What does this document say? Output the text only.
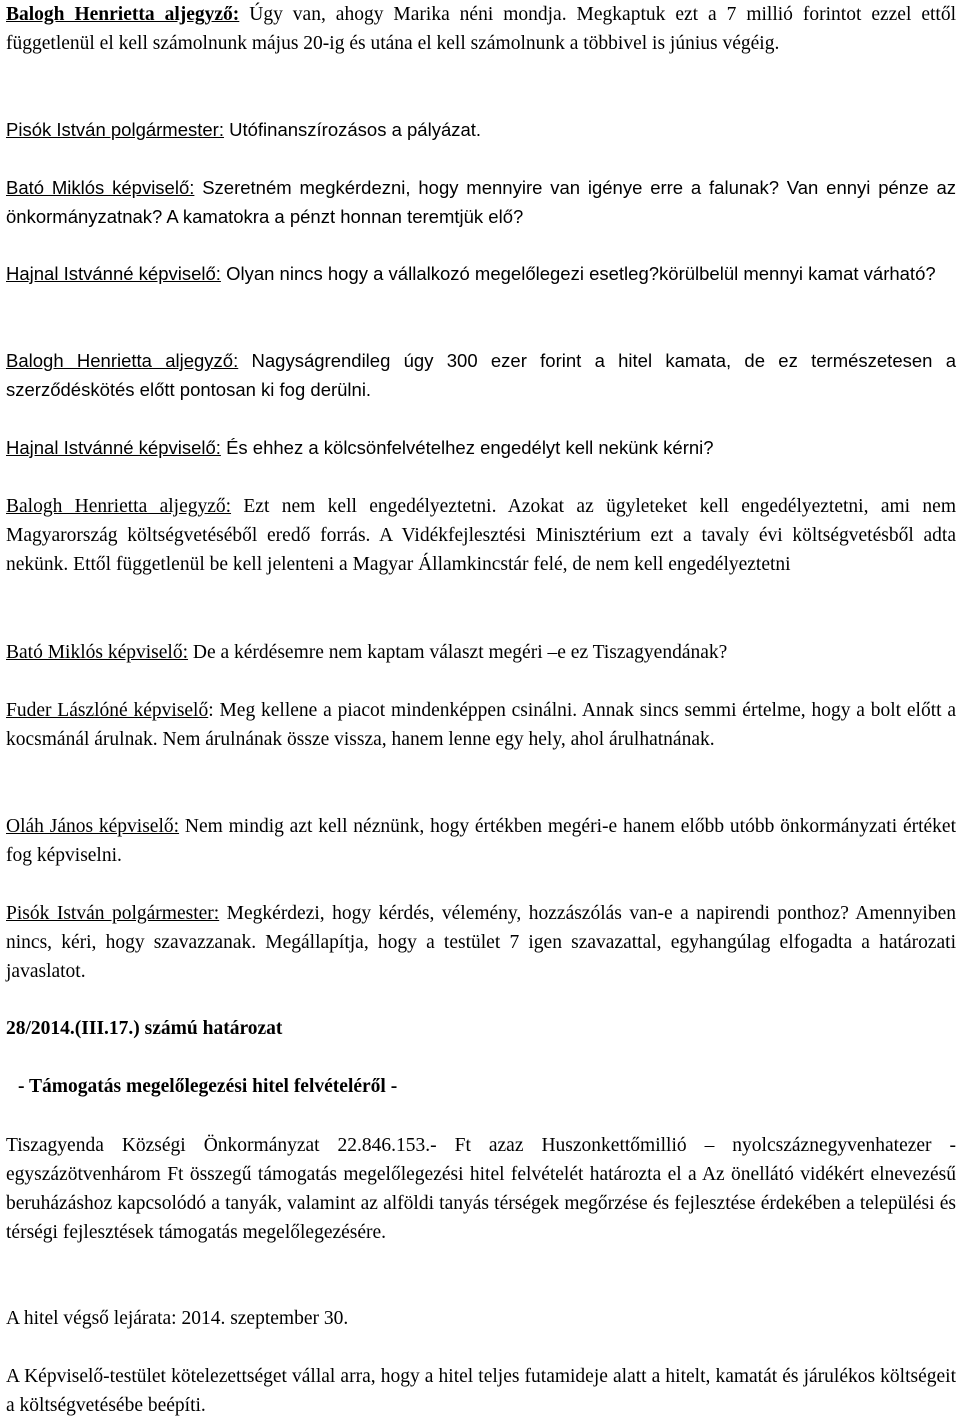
Balogh Henrietta aljegyző: Úgy van, ahogy Marika néni mondja. Megkaptuk ezt a 7 millió forintot ezzel ettől függetlenül el kell számolnunk május 20-ig és utána el kell számolnunk a többivel is június végéig.

Pisók István polgármester: Utófinanszírozásos a pályázat.

Bató Miklós képviselő: Szeretném megkérdezni, hogy mennyire van igénye erre a falunak? Van ennyi pénze az önkormányzatnak? A kamatokra a pénzt honnan teremtjük elő?

Hajnal Istvánné képviselő: Olyan nincs hogy a vállalkozó megelőlegezi esetleg?körülbelül mennyi kamat várható?

Balogh Henrietta aljegyző: Nagyságrendileg úgy 300 ezer forint a hitel kamata, de ez természetesen a szerződéskötés előtt pontosan ki fog derülni.

Hajnal Istvánné képviselő: És ehhez a kölcsönfelvételhez engedélyt kell nekünk kérni?

Balogh Henrietta aljegyző: Ezt nem kell engedélyeztetni. Azokat az ügyleteket kell engedélyeztetni, ami nem Magyarország költségvetéséből eredő forrás. A Vidékfejlesztési Minisztérium ezt a tavaly évi költségvetésből adta nekünk. Ettől függetlenül be kell jelenteni a Magyar Államkincstár felé, de nem kell engedélyeztetni

Bató Miklós képviselő: De a kérdésemre nem kaptam választ megéri –e ez Tiszagyendának?

Fuder Lászlóné képviselő: Meg kellene a piacot mindenképpen csinálni. Annak sincs semmi értelme, hogy a bolt előtt a kocsmánál árulnak. Nem árulnának össze vissza, hanem lenne egy hely, ahol árulhatnának.

Oláh János képviselő: Nem mindig azt kell néznünk, hogy értékben megéri-e hanem előbb utóbb önkormányzati értéket fog képviselni.

Pisók István polgármester: Megkérdezi, hogy kérdés, vélemény, hozzászólás van-e a napirendi ponthoz? Amennyiben nincs, kéri, hogy szavazzanak. Megállapítja, hogy a testület 7 igen szavazattal, egyhangúlag elfogadta a határozati javaslatot.

28/2014.(III.17.) számú határozat

- Támogatás megelőlegezési hitel felvételéről -

Tiszagyenda Községi Önkormányzat 22.846.153.- Ft azaz Huszonkettőmillió – nyolcszáznegyvenhatezer - egyszázötvenhárom Ft összegű támogatás megelőlegezési hitel felvételét határozta el a Az önellátó vidékért elnevezésű beruházáshoz kapcsolódó a tanyák, valamint az alföldi tanyás térségek megőrzése és fejlesztése érdekében a települési és térségi fejlesztések támogatás megelőlegezésére.

A hitel végső lejárata: 2014. szeptember 30.

A Képviselő-testület kötelezettséget vállal arra, hogy a hitel teljes futamideje alatt a hitelt, kamatát és járulékos költségeit a költségvetésébe beépíti.
